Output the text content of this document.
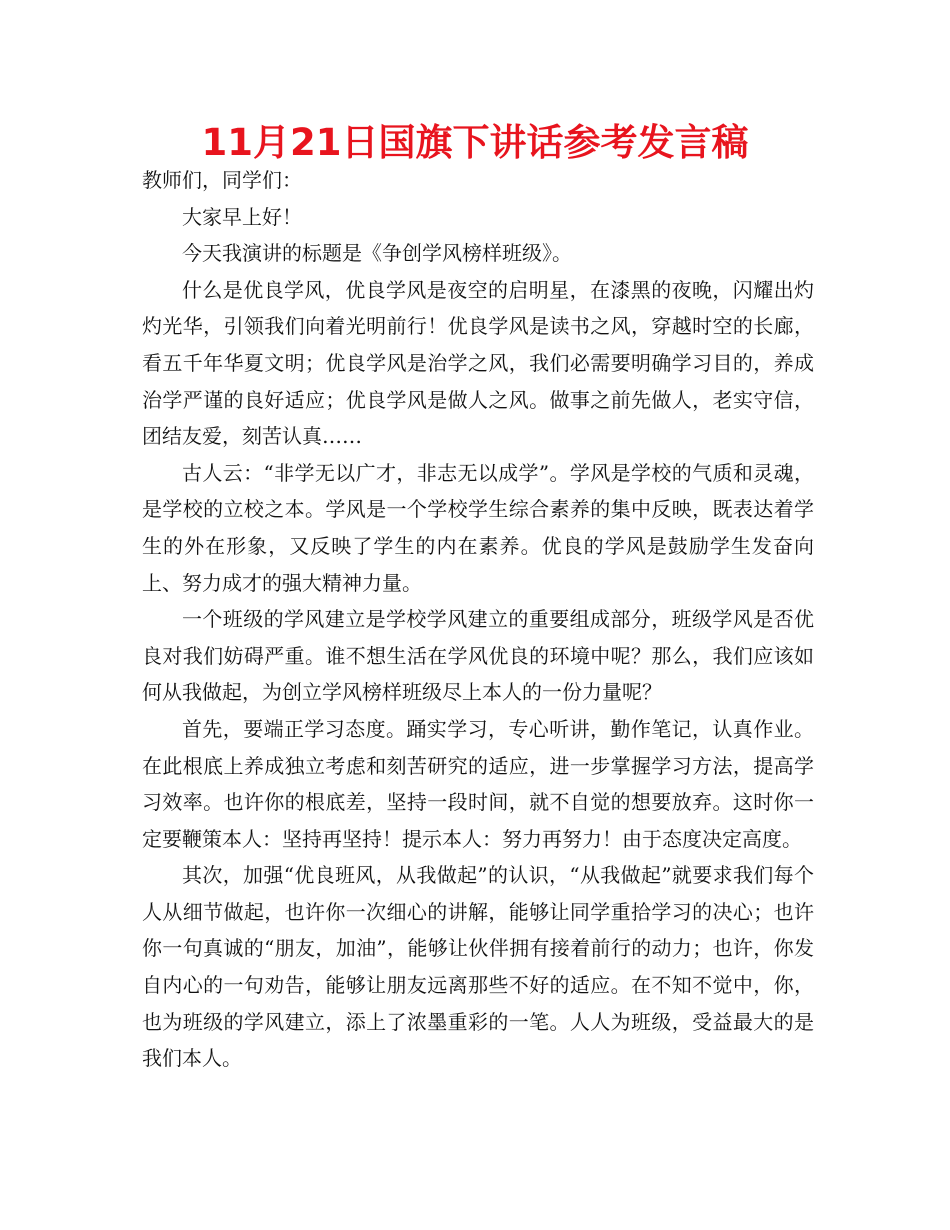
11月21日国旗下讲话参考发言稿

教师们，同学们：

大家早上好！

今天我演讲的标题是《争创学风榜样班级》。

什么是优良学风，优良学风是夜空的启明星，在漆黑的夜晚，闪耀出灼灼光华，引领我们向着光明前行！优良学风是读书之风，穿越时空的长廊，看五千年华夏文明；优良学风是治学之风，我们必需要明确学习目的，养成治学严谨的良好适应；优良学风是做人之风。做事之前先做人，老实守信，团结友爱，刻苦认真……

古人云：“非学无以广才，非志无以成学”。学风是学校的气质和灵魂，是学校的立校之本。学风是一个学校学生综合素养的集中反映，既表达着学生的外在形象，又反映了学生的内在素养。优良的学风是鼓励学生发奋向上、努力成才的强大精神力量。

一个班级的学风建立是学校学风建立的重要组成部分，班级学风是否优良对我们妨碍严重。谁不想生活在学风优良的环境中呢？那么，我们应该如何从我做起，为创立学风榜样班级尽上本人的一份力量呢？

首先，要端正学习态度。踊实学习，专心听讲，勤作笔记，认真作业。在此根底上养成独立考虑和刻苦研究的适应，进一步掌握学习方法，提高学习效率。也许你的根底差，坚持一段时间，就不自觉的想要放弃。这时你一定要鞭策本人：坚持再坚持！提示本人：努力再努力！由于态度决定高度。

其次，加强“优良班风，从我做起”的认识，“从我做起”就要求我们每个人从细节做起，也许你一次细心的讲解，能够让同学重拾学习的决心；也许你一句真诚的“朋友，加油”，能够让伙伴拥有接着前行的动力；也许，你发自内心的一句劝告，能够让朋友远离那些不好的适应。在不知不觉中，你，也为班级的学风建立，添上了浓墨重彩的一笔。人人为班级，受益最大的是我们本人。
